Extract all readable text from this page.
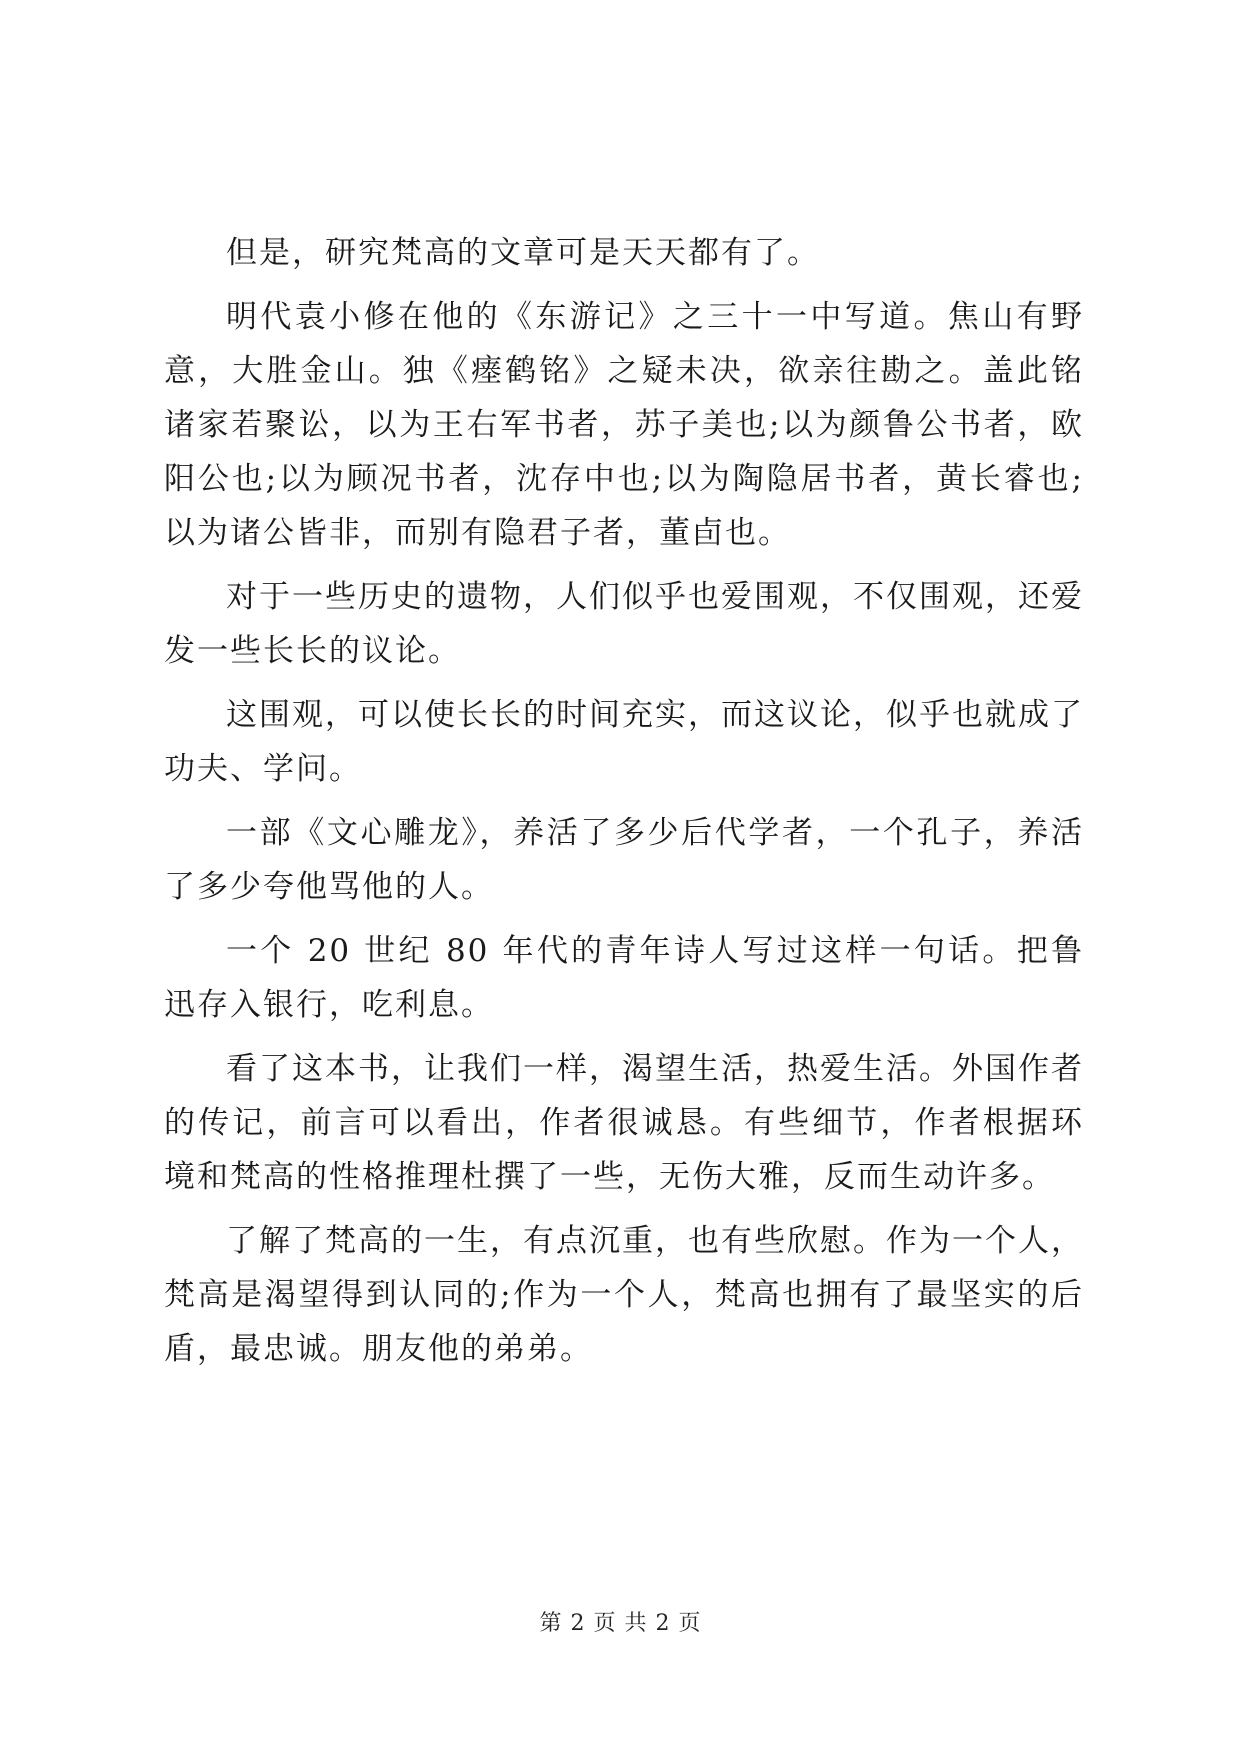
但是，研究梵高的文章可是天天都有了。

明代袁小修在他的《东游记》之三十一中写道。焦山有野意，大胜金山。独《瘗鹤铭》之疑未决，欲亲往勘之。盖此铭诸家若聚讼，以为王右军书者，苏子美也;以为颜鲁公书者，欧阳公也;以为顾况书者，沈存中也;以为陶隐居书者，黄长睿也;以为诸公皆非，而别有隐君子者，董卣也。

对于一些历史的遗物，人们似乎也爱围观，不仅围观，还爱发一些长长的议论。

这围观，可以使长长的时间充实，而这议论，似乎也就成了功夫、学问。

一部《文心雕龙》，养活了多少后代学者，一个孔子，养活了多少夸他骂他的人。

一个 20 世纪 80 年代的青年诗人写过这样一句话。把鲁迅存入银行，吃利息。

看了这本书，让我们一样，渴望生活，热爱生活。外国作者的传记，前言可以看出，作者很诚恳。有些细节，作者根据环境和梵高的性格推理杜撰了一些，无伤大雅，反而生动许多。

了解了梵高的一生，有点沉重，也有些欣慰。作为一个人，梵高是渴望得到认同的;作为一个人，梵高也拥有了最坚实的后盾，最忠诚。朋友他的弟弟。

第 2 页 共 2 页
